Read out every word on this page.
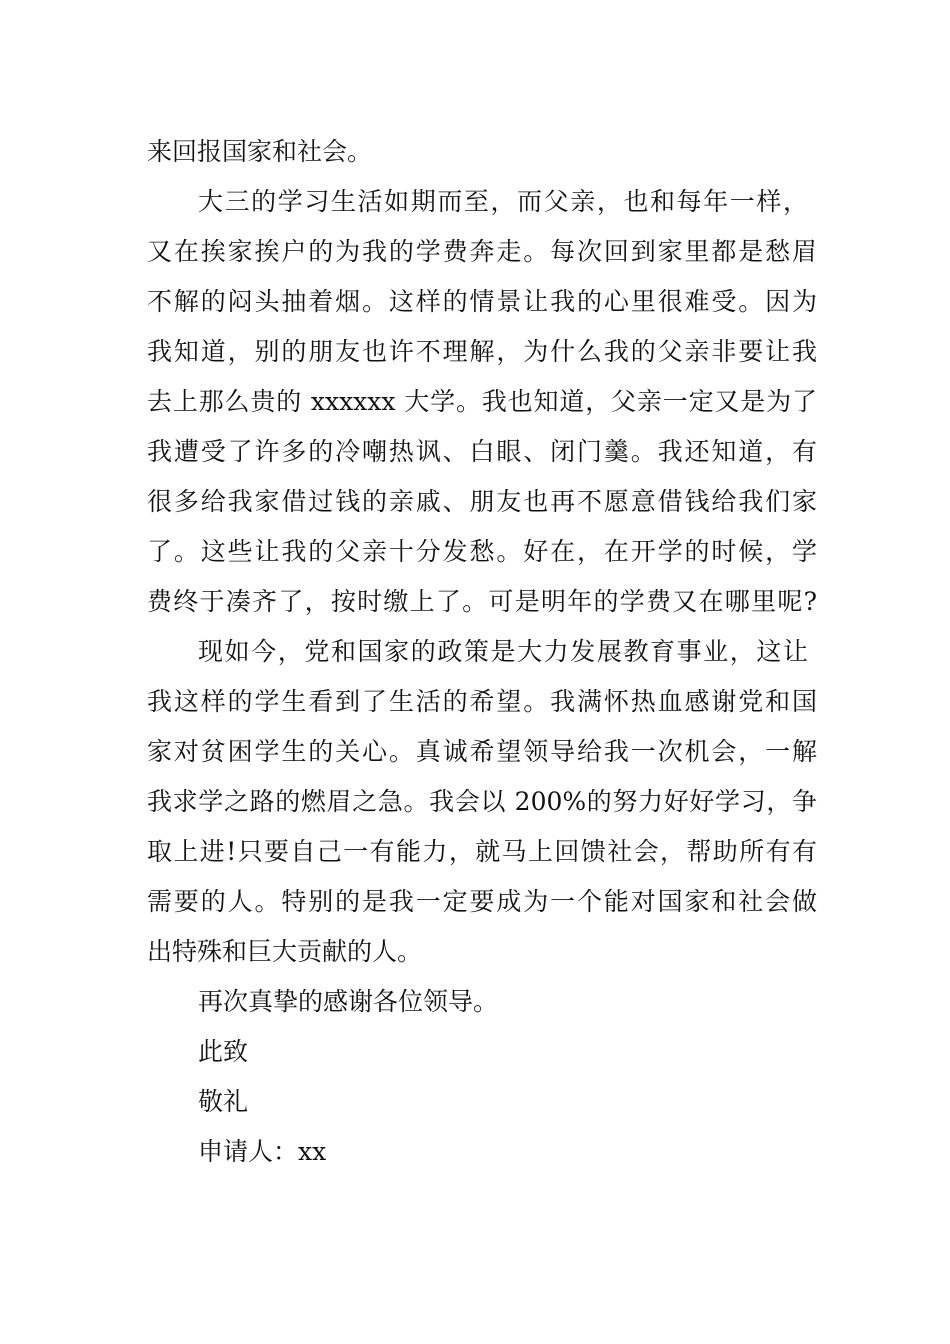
来回报国家和社会。
大三的学习生活如期而至，而父亲，也和每年一样，
又在挨家挨户的为我的学费奔走。每次回到家里都是愁眉
不解的闷头抽着烟。这样的情景让我的心里很难受。因为
我知道，别的朋友也许不理解，为什么我的父亲非要让我
去上那么贵的 xxxxxx 大学。我也知道，父亲一定又是为了
我遭受了许多的冷嘲热讽、白眼、闭门羹。我还知道，有
很多给我家借过钱的亲戚、朋友也再不愿意借钱给我们家
了。这些让我的父亲十分发愁。好在，在开学的时候，学
费终于凑齐了，按时缴上了。可是明年的学费又在哪里呢?
现如今，党和国家的政策是大力发展教育事业，这让
我这样的学生看到了生活的希望。我满怀热血感谢党和国
家对贫困学生的关心。真诚希望领导给我一次机会，一解
我求学之路的燃眉之急。我会以 200%的努力好好学习，争
取上进!只要自己一有能力，就马上回馈社会，帮助所有有
需要的人。特别的是我一定要成为一个能对国家和社会做
出特殊和巨大贡献的人。
再次真挚的感谢各位领导。
此致
敬礼
申请人：xx
